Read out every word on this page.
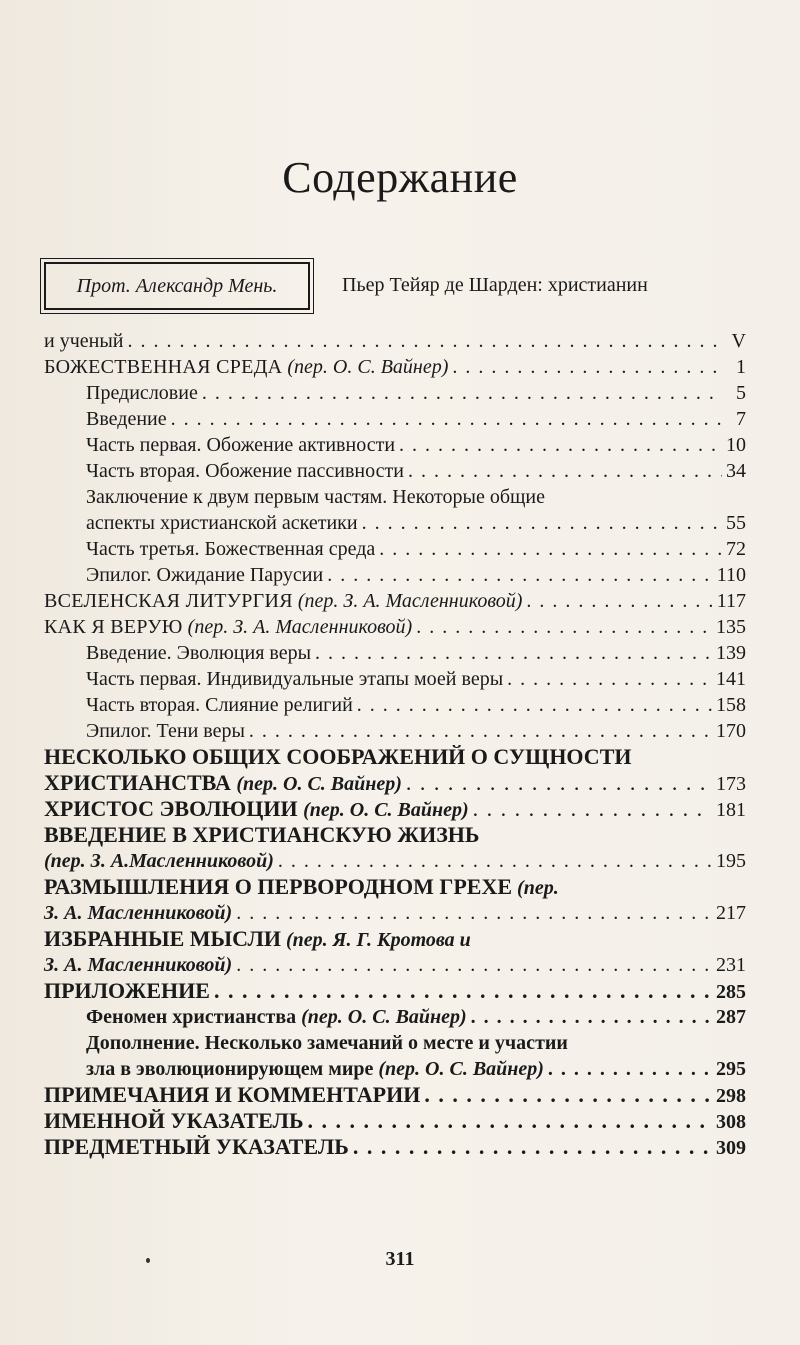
Содержание
Прот. Александр Мень.	Пьер Тейяр де Шарден: христианин
и ученый . . .	V
БОЖЕСТВЕННАЯ СРЕДА
(пер. О. С. Вайнер) . . .	1
Предисловие . . .	5
Введение . . .	7
Часть первая. Обожение активности . . .	10
Часть вторая. Обожение пассивности . . .	34
Заключение к двум первым частям. Некоторые общие
аспекты христианской аскетики . . .	55
Часть третья. Божественная среда . . .	72
Эпилог. Ожидание Парусии . . .	110
ВСЕЛЕНСКАЯ ЛИТУРГИЯ
(пер. З. А. Масленниковой) . . .	117
КАК Я ВЕРУЮ
(пер. З. А. Масленниковой) . . .	135
Введение. Эволюция веры . . .	139
Часть первая. Индивидуальные этапы моей веры . . .	141
Часть вторая. Слияние религий . . .	158
Эпилог. Тени веры . . .	170
НЕСКОЛЬКО ОБЩИХ СООБРАЖЕНИЙ О СУЩНОСТИ
ХРИСТИАНСТВА
(пер. О. С. Вайнер) . . .	173
ХРИСТОС ЭВОЛЮЦИИ
(пер. О. С. Вайнер) . . .	181
ВВЕДЕНИЕ В ХРИСТИАНСКУЮ ЖИЗНЬ
(пер. З. А.Масленниковой) . . .	195
РАЗМЫШЛЕНИЯ О ПЕРВОРОДНОМ ГРЕХЕ (пер.
З. А. Масленниковой) . . .	217
ИЗБРАННЫЕ МЫСЛИ (пер. Я. Г. Кротова и
З. А. Масленниковой) . . .	231
ПРИЛОЖЕНИЕ . . .	285
Феномен христианства
(пер. О. С. Вайнер) . . .	287
Дополнение. Несколько замечаний о месте и участии
зла в эволюционирующем мире
(пер. О. С. Вайнер) . . .	295
ПРИМЕЧАНИЯ И КОММЕНТАРИИ . . .	298
ИМЕННОЙ УКАЗАТЕЛЬ . . .	308
ПРЕДМЕТНЫЙ УКАЗАТЕЛЬ . . .	309
311
